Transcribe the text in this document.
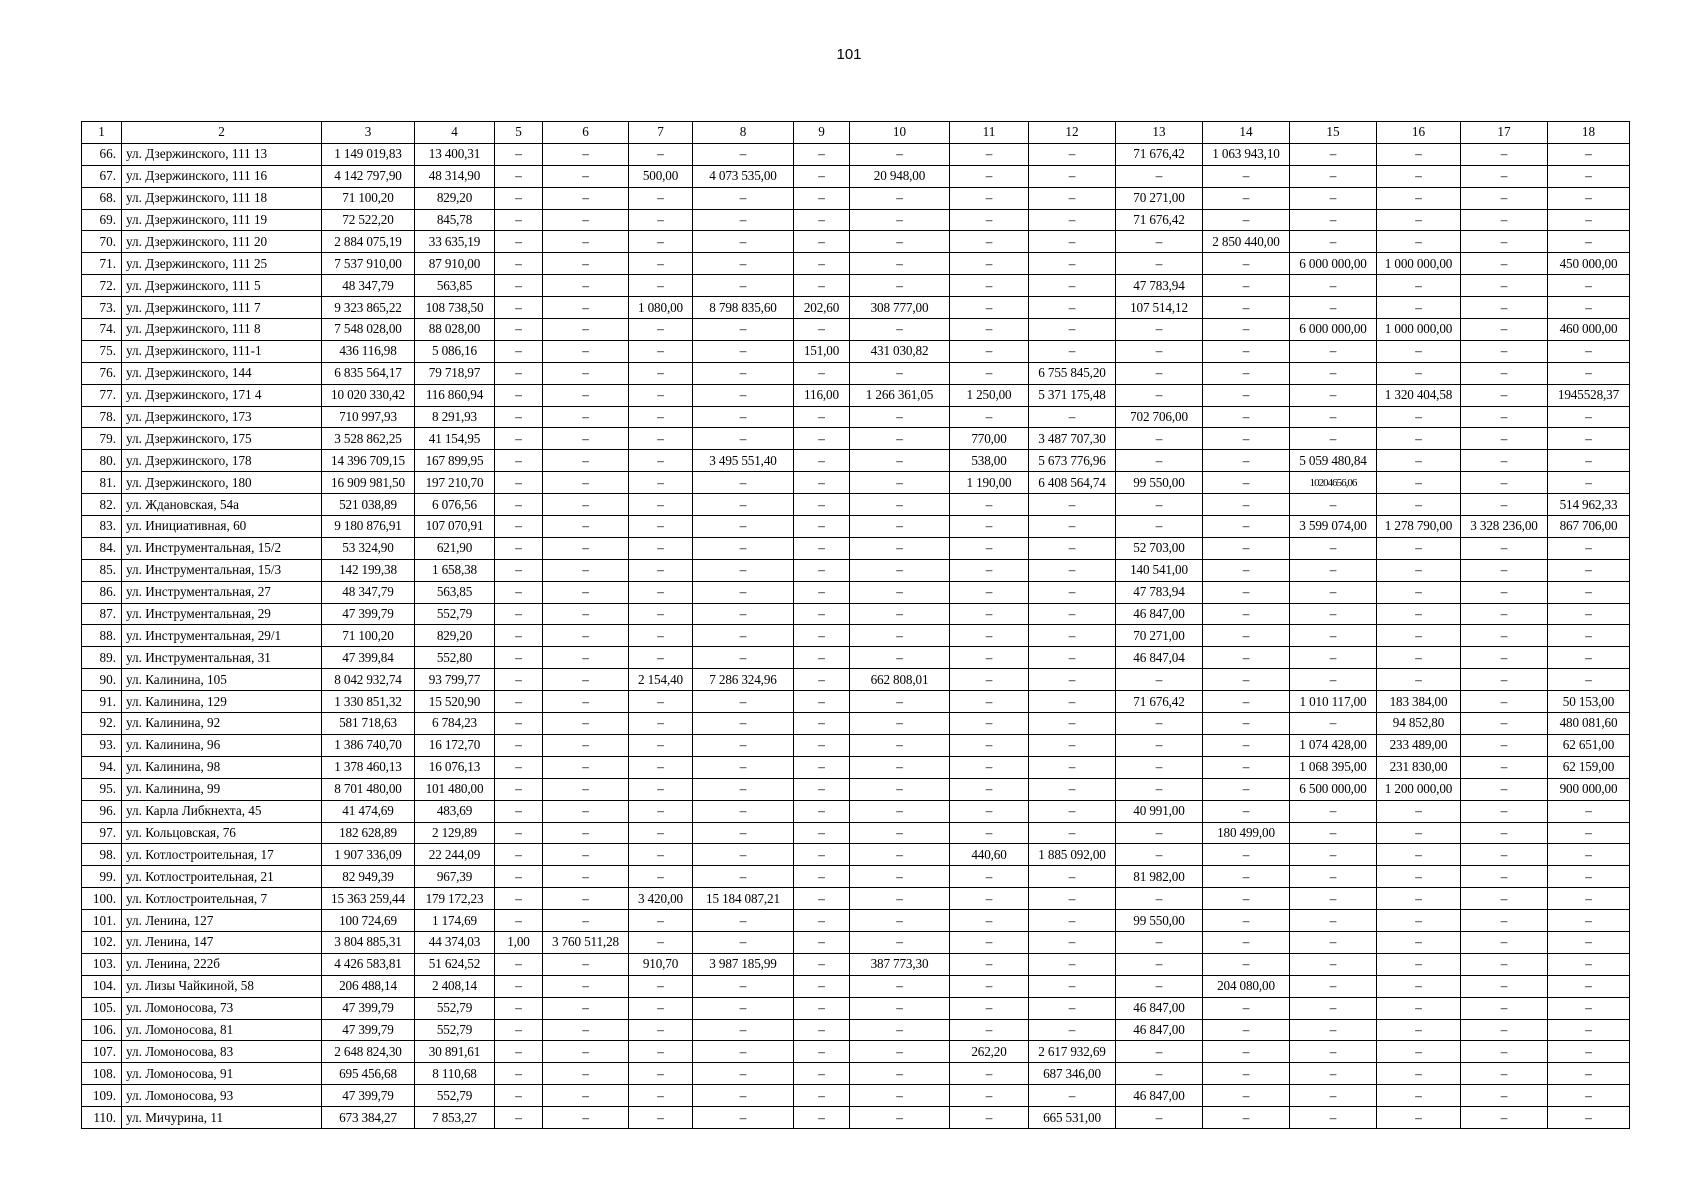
101
1	2	3	4	5	6	7	8	9	10	11	12	13	14	15	16	17	18
66.	ул. Дзержинского, 111 13	1 149 019,83	13 400,31	–	–	–	–	–	–	–	–	71 676,42	1 063 943,10	–	–	–	–
67.	ул. Дзержинского, 111 16	4 142 797,90	48 314,90	–	–	500,00	4 073 535,00	–	20 948,00	–	–	–	–	–	–	–	–
68.	ул. Дзержинского, 111 18	71 100,20	829,20	–	–	–	–	–	–	–	–	70 271,00	–	–	–	–	–
69.	ул. Дзержинского, 111 19	72 522,20	845,78	–	–	–	–	–	–	–	–	71 676,42	–	–	–	–	–
70.	ул. Дзержинского, 111 20	2 884 075,19	33 635,19	–	–	–	–	–	–	–	–	–	2 850 440,00	–	–	–	–
71.	ул. Дзержинского, 111 25	7 537 910,00	87 910,00	–	–	–	–	–	–	–	–	–	–	6 000 000,00	1 000 000,00	–	450 000,00
72.	ул. Дзержинского, 111 5	48 347,79	563,85	–	–	–	–	–	–	–	–	47 783,94	–	–	–	–	–
73.	ул. Дзержинского, 111 7	9 323 865,22	108 738,50	–	–	1 080,00	8 798 835,60	202,60	308 777,00	–	–	107 514,12	–	–	–	–	–
74.	ул. Дзержинского, 111 8	7 548 028,00	88 028,00	–	–	–	–	–	–	–	–	–	–	6 000 000,00	1 000 000,00	–	460 000,00
75.	ул. Дзержинского, 111-1	436 116,98	5 086,16	–	–	–	–	151,00	431 030,82	–	–	–	–	–	–	–	–
76.	ул. Дзержинского, 144	6 835 564,17	79 718,97	–	–	–	–	–	–	–	6 755 845,20	–	–	–	–	–	–
77.	ул. Дзержинского, 171 4	10 020 330,42	116 860,94	–	–	–	–	116,00	1 266 361,05	1 250,00	5 371 175,48	–	–	–	1 320 404,58	–	1945528,37
78.	ул. Дзержинского, 173	710 997,93	8 291,93	–	–	–	–	–	–	–	–	702 706,00	–	–	–	–	–
79.	ул. Дзержинского, 175	3 528 862,25	41 154,95	–	–	–	–	–	–	770,00	3 487 707,30	–	–	–	–	–	–
80.	ул. Дзержинского, 178	14 396 709,15	167 899,95	–	–	–	3 495 551,40	–	–	538,00	5 673 776,96	–	–	5 059 480,84	–	–	–
81.	ул. Дзержинского, 180	16 909 981,50	197 210,70	–	–	–	–	–	–	1 190,00	6 408 564,74	99 550,00	–	10204656,06	–	–	–
82.	ул. Ждановская, 54а	521 038,89	6 076,56	–	–	–	–	–	–	–	–	–	–	–	–	–	514 962,33
83.	ул. Инициативная, 60	9 180 876,91	107 070,91	–	–	–	–	–	–	–	–	–	–	3 599 074,00	1 278 790,00	3 328 236,00	867 706,00
84.	ул. Инструментальная, 15/2	53 324,90	621,90	–	–	–	–	–	–	–	–	52 703,00	–	–	–	–	–
85.	ул. Инструментальная, 15/3	142 199,38	1 658,38	–	–	–	–	–	–	–	–	140 541,00	–	–	–	–	–
86.	ул. Инструментальная, 27	48 347,79	563,85	–	–	–	–	–	–	–	–	47 783,94	–	–	–	–	–
87.	ул. Инструментальная, 29	47 399,79	552,79	–	–	–	–	–	–	–	–	46 847,00	–	–	–	–	–
88.	ул. Инструментальная, 29/1	71 100,20	829,20	–	–	–	–	–	–	–	–	70 271,00	–	–	–	–	–
89.	ул. Инструментальная, 31	47 399,84	552,80	–	–	–	–	–	–	–	–	46 847,04	–	–	–	–	–
90.	ул. Калинина, 105	8 042 932,74	93 799,77	–	–	2 154,40	7 286 324,96	–	662 808,01	–	–	–	–	–	–	–	–
91.	ул. Калинина, 129	1 330 851,32	15 520,90	–	–	–	–	–	–	–	–	71 676,42	–	1 010 117,00	183 384,00	–	50 153,00
92.	ул. Калинина, 92	581 718,63	6 784,23	–	–	–	–	–	–	–	–	–	–	–	94 852,80	–	480 081,60
93.	ул. Калинина, 96	1 386 740,70	16 172,70	–	–	–	–	–	–	–	–	–	–	1 074 428,00	233 489,00	–	62 651,00
94.	ул. Калинина, 98	1 378 460,13	16 076,13	–	–	–	–	–	–	–	–	–	–	1 068 395,00	231 830,00	–	62 159,00
95.	ул. Калинина, 99	8 701 480,00	101 480,00	–	–	–	–	–	–	–	–	–	–	6 500 000,00	1 200 000,00	–	900 000,00
96.	ул. Карла Либкнехта, 45	41 474,69	483,69	–	–	–	–	–	–	–	–	40 991,00	–	–	–	–	–
97.	ул. Кольцовская, 76	182 628,89	2 129,89	–	–	–	–	–	–	–	–	–	180 499,00	–	–	–	–
98.	ул. Котлостроительная, 17	1 907 336,09	22 244,09	–	–	–	–	–	–	440,60	1 885 092,00	–	–	–	–	–	–
99.	ул. Котлостроительная, 21	82 949,39	967,39	–	–	–	–	–	–	–	–	81 982,00	–	–	–	–	–
100.	ул. Котлостроительная, 7	15 363 259,44	179 172,23	–	–	3 420,00	15 184 087,21	–	–	–	–	–	–	–	–	–	–
101.	ул. Ленина, 127	100 724,69	1 174,69	–	–	–	–	–	–	–	–	99 550,00	–	–	–	–	–
102.	ул. Ленина, 147	3 804 885,31	44 374,03	1,00	3 760 511,28	–	–	–	–	–	–	–	–	–	–	–	–
103.	ул. Ленина, 222б	4 426 583,81	51 624,52	–	–	910,70	3 987 185,99	–	387 773,30	–	–	–	–	–	–	–	–
104.	ул. Лизы Чайкиной, 58	206 488,14	2 408,14	–	–	–	–	–	–	–	–	–	204 080,00	–	–	–	–
105.	ул. Ломоносова, 73	47 399,79	552,79	–	–	–	–	–	–	–	–	46 847,00	–	–	–	–	–
106.	ул. Ломоносова, 81	47 399,79	552,79	–	–	–	–	–	–	–	–	46 847,00	–	–	–	–	–
107.	ул. Ломоносова, 83	2 648 824,30	30 891,61	–	–	–	–	–	–	262,20	2 617 932,69	–	–	–	–	–	–
108.	ул. Ломоносова, 91	695 456,68	8 110,68	–	–	–	–	–	–	–	687 346,00	–	–	–	–	–	–
109.	ул. Ломоносова, 93	47 399,79	552,79	–	–	–	–	–	–	–	–	46 847,00	–	–	–	–	–
110.	ул. Мичурина, 11	673 384,27	7 853,27	–	–	–	–	–	–	–	665 531,00	–	–	–	–	–	–
